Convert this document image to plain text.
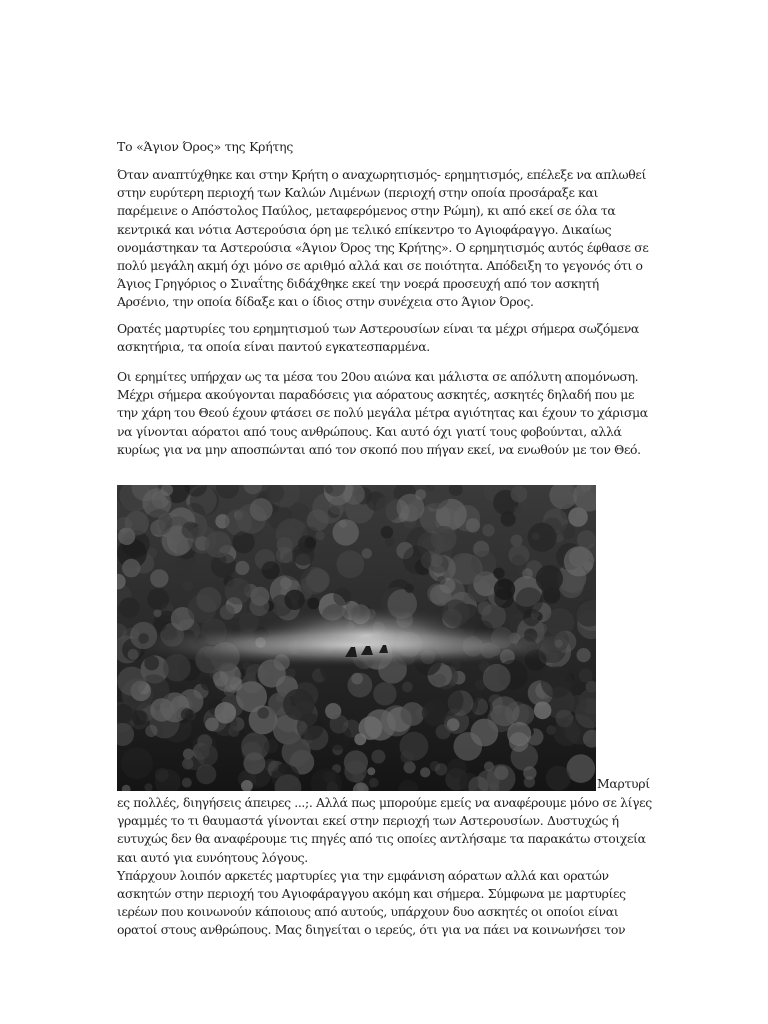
Το «Άγιον Όρος» της Κρήτης
Όταν αναπτύχθηκε και στην Κρήτη ο αναχωρητισμός- ερημητισμός, επέλεξε να απλωθεί
στην ευρύτερη περιοχή των Καλών Λιμένων (περιοχή στην οποία προσάραξε και
παρέμεινε ο Απόστολος Παύλος, μεταφερόμενος στην Ρώμη), κι από εκεί σε όλα τα
κεντρικά και νότια Αστερούσια όρη με τελικό επίκεντρο το Αγιοφάραγγο. Δικαίως
ονομάστηκαν τα Αστερούσια «Άγιον Όρος της Κρήτης». Ο ερημητισμός αυτός έφθασε σε
πολύ μεγάλη ακμή όχι μόνο σε αριθμό αλλά και σε ποιότητα. Απόδειξη το γεγονός ότι ο
Άγιος Γρηγόριος ο Σιναΐτης διδάχθηκε εκεί την νοερά προσευχή από τον ασκητή
Αρσένιο, την οποία δίδαξε και ο ίδιος στην συνέχεια στο Άγιον Όρος.
Ορατές μαρτυρίες του ερημητισμού των Αστερουσίων είναι τα μέχρι σήμερα σωζόμενα
ασκητήρια, τα οποία είναι παντού εγκατεσπαρμένα.
Οι ερημίτες υπήρχαν ως τα μέσα του 20ου αιώνα και μάλιστα σε απόλυτη απομόνωση.
Μέχρι σήμερα ακούγονται παραδόσεις για αόρατους ασκητές, ασκητές δηλαδή που με
την χάρη του Θεού έχουν φτάσει σε πολύ μεγάλα μέτρα αγιότητας και έχουν το χάρισμα
να γίνονται αόρατοι από τους ανθρώπους. Και αυτό όχι γιατί τους φοβούνται, αλλά
κυρίως για να μην αποσπώνται από τον σκοπό που πήγαν εκεί, να ενωθούν με τον Θεό.
Μαρτυρί
ες πολλές, διηγήσεις άπειρες ...;. Αλλά πως μπορούμε εμείς να αναφέρουμε μόνο σε λίγες
γραμμές το τι θαυμαστά γίνονται εκεί στην περιοχή των Αστερουσίων. Δυστυχώς ή
ευτυχώς δεν θα αναφέρουμε τις πηγές από τις οποίες αντλήσαμε τα παρακάτω στοιχεία
και αυτό για ευνόητους λόγους.
Υπάρχουν λοιπόν αρκετές μαρτυρίες για την εμφάνιση αόρατων αλλά και ορατών
ασκητών στην περιοχή του Αγιοφάραγγου ακόμη και σήμερα. Σύμφωνα με μαρτυρίες
ιερέων που κοινωνούν κάποιους από αυτούς, υπάρχουν δυο ασκητές οι οποίοι είναι
ορατοί στους ανθρώπους. Μας διηγείται ο ιερεύς, ότι για να πάει να κοινωνήσει τον
